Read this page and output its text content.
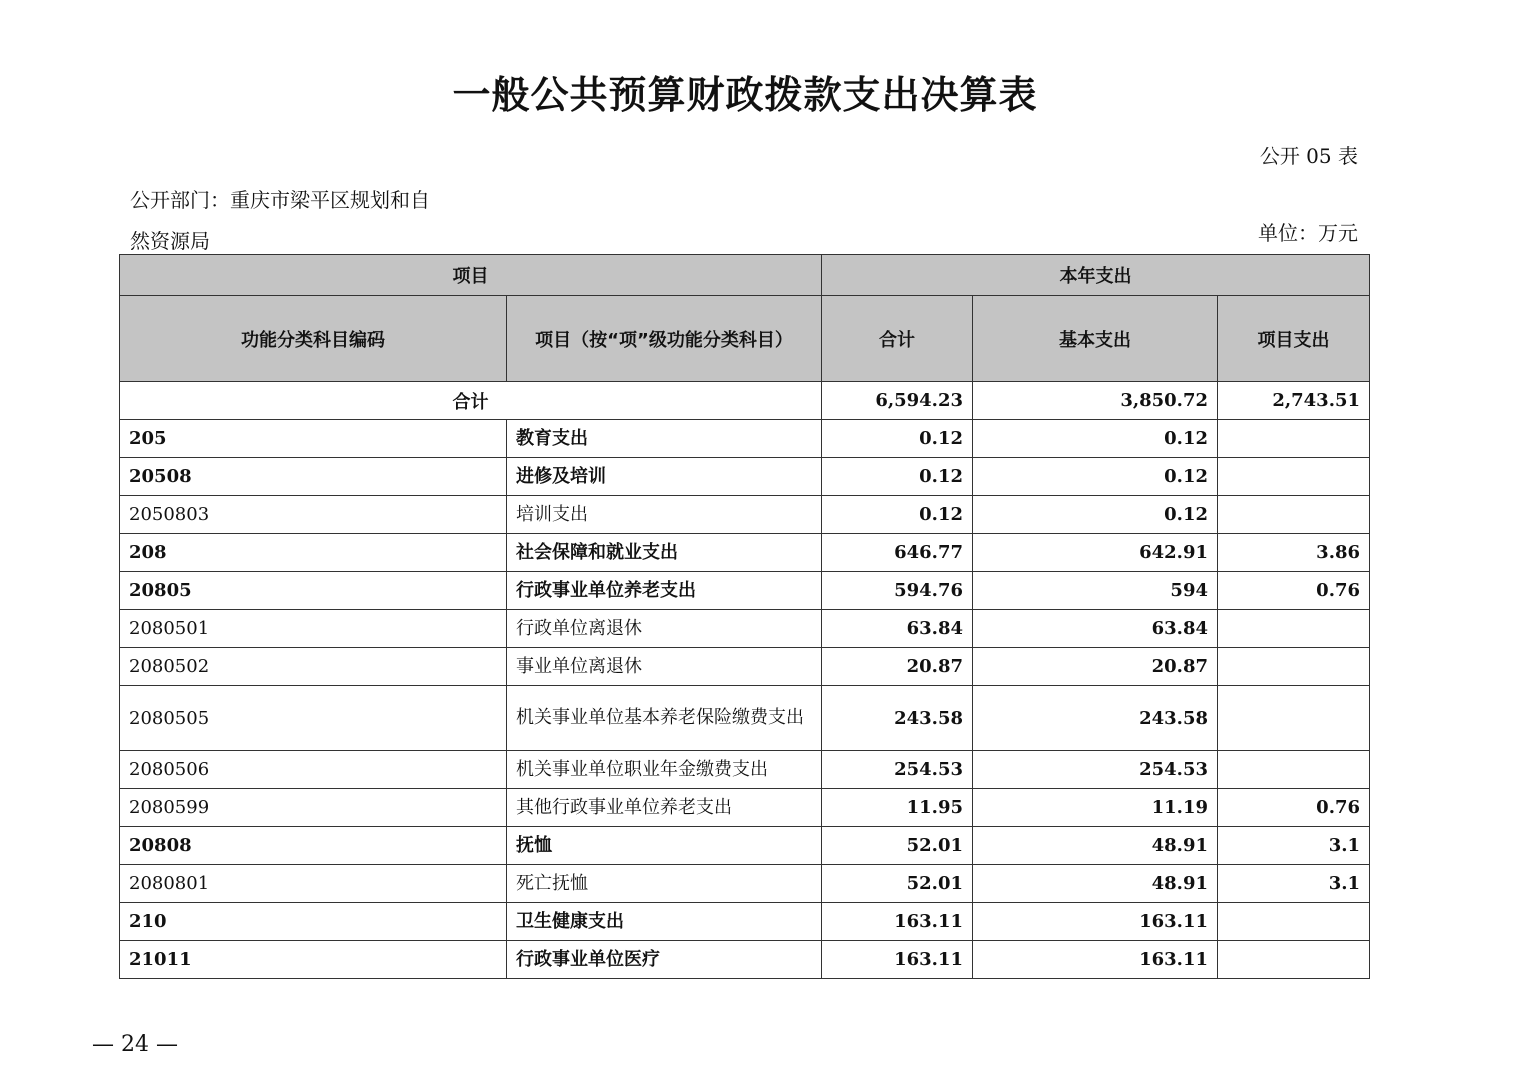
一般公共预算财政拨款支出决算表
公开 05 表
公开部门：重庆市梁平区规划和自
然资源局	单位：万元
项目		本年支出		
功能分类科目编码	项目（按“项”级功能分类科目）	合计	基本支出	项目支出
合计		6,594.23	3,850.72	2,743.51
205	教育支出	0.12	0.12	
20508	进修及培训	0.12	0.12	
2050803	培训支出	0.12	0.12	
208	社会保障和就业支出	646.77	642.91	3.86
20805	行政事业单位养老支出	594.76	594	0.76
2080501	行政单位离退休	63.84	63.84	
2080502	事业单位离退休	20.87	20.87	
2080505	机关事业单位基本养老保险缴费支出	243.58	243.58	
2080506	机关事业单位职业年金缴费支出	254.53	254.53	
2080599	其他行政事业单位养老支出	11.95	11.19	0.76
20808	抚恤	52.01	48.91	3.1
2080801	死亡抚恤	52.01	48.91	3.1
210	卫生健康支出	163.11	163.11	
21011	行政事业单位医疗	163.11	163.11	
— 24 —
